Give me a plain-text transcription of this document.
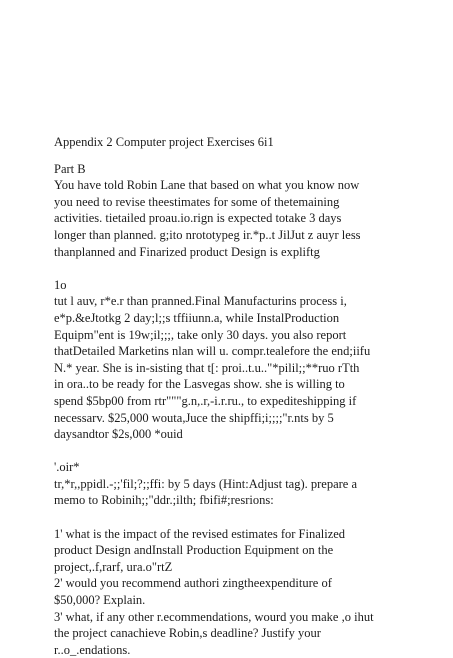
Appendix 2 Computer project Exercises 6i1
Part B
You have told Robin Lane that based on what you know now
you need to revise theestimates for some of thetemaining
activities. tietailed proau.io.rign is expected totake 3 days
longer than planned. g;ito nrototypeg ir.*p..t JilJut z auyr less
thanplanned and Finarized product Design is expliftg
1o
tut l auv, r*e.r than pranned.Final Manufacturins process i,
e*p.&eJtotkg 2 day;l;;s tffiiunn.a, while InstalProduction
Equipm"ent is 19w;il;;;, take only 30 days. you also report
thatDetailed Marketins nlan will u. compr.tealefore the end;iifu
N.* year. She is in-sisting that t[: proi..t.u.."*pilil;;**ruo rTth
in ora..to be ready for the Lasvegas show. she is willing to
spend $5bp00 from rtr"""g.n,.r,-i.r.ru., to expediteshipping if
necessarv. $25,000 wouta,Juce the shipffi;i;;;;"r.nts by 5
daysandtor $2s,000 *ouid
'.oir*
tr,*r,,ppidl.-;;'fil;?;;ffi: by 5 days (Hint:Adjust tag). prepare a
memo to Robinih;;"ddr.;ilth; fbifi#;resrions:
1' what is the impact of the revised estimates for Finalized
product Design andInstall Production Equipment on the
project,.f,rarf, ura.o"rtZ
2' would you recommend authori zingtheexpenditure of
$50,000? Explain.
3' what, if any other r.ecommendations, wourd you make ,o ihut
the project canachieve Robin,s deadline? Justify your
r..o_.endations.
